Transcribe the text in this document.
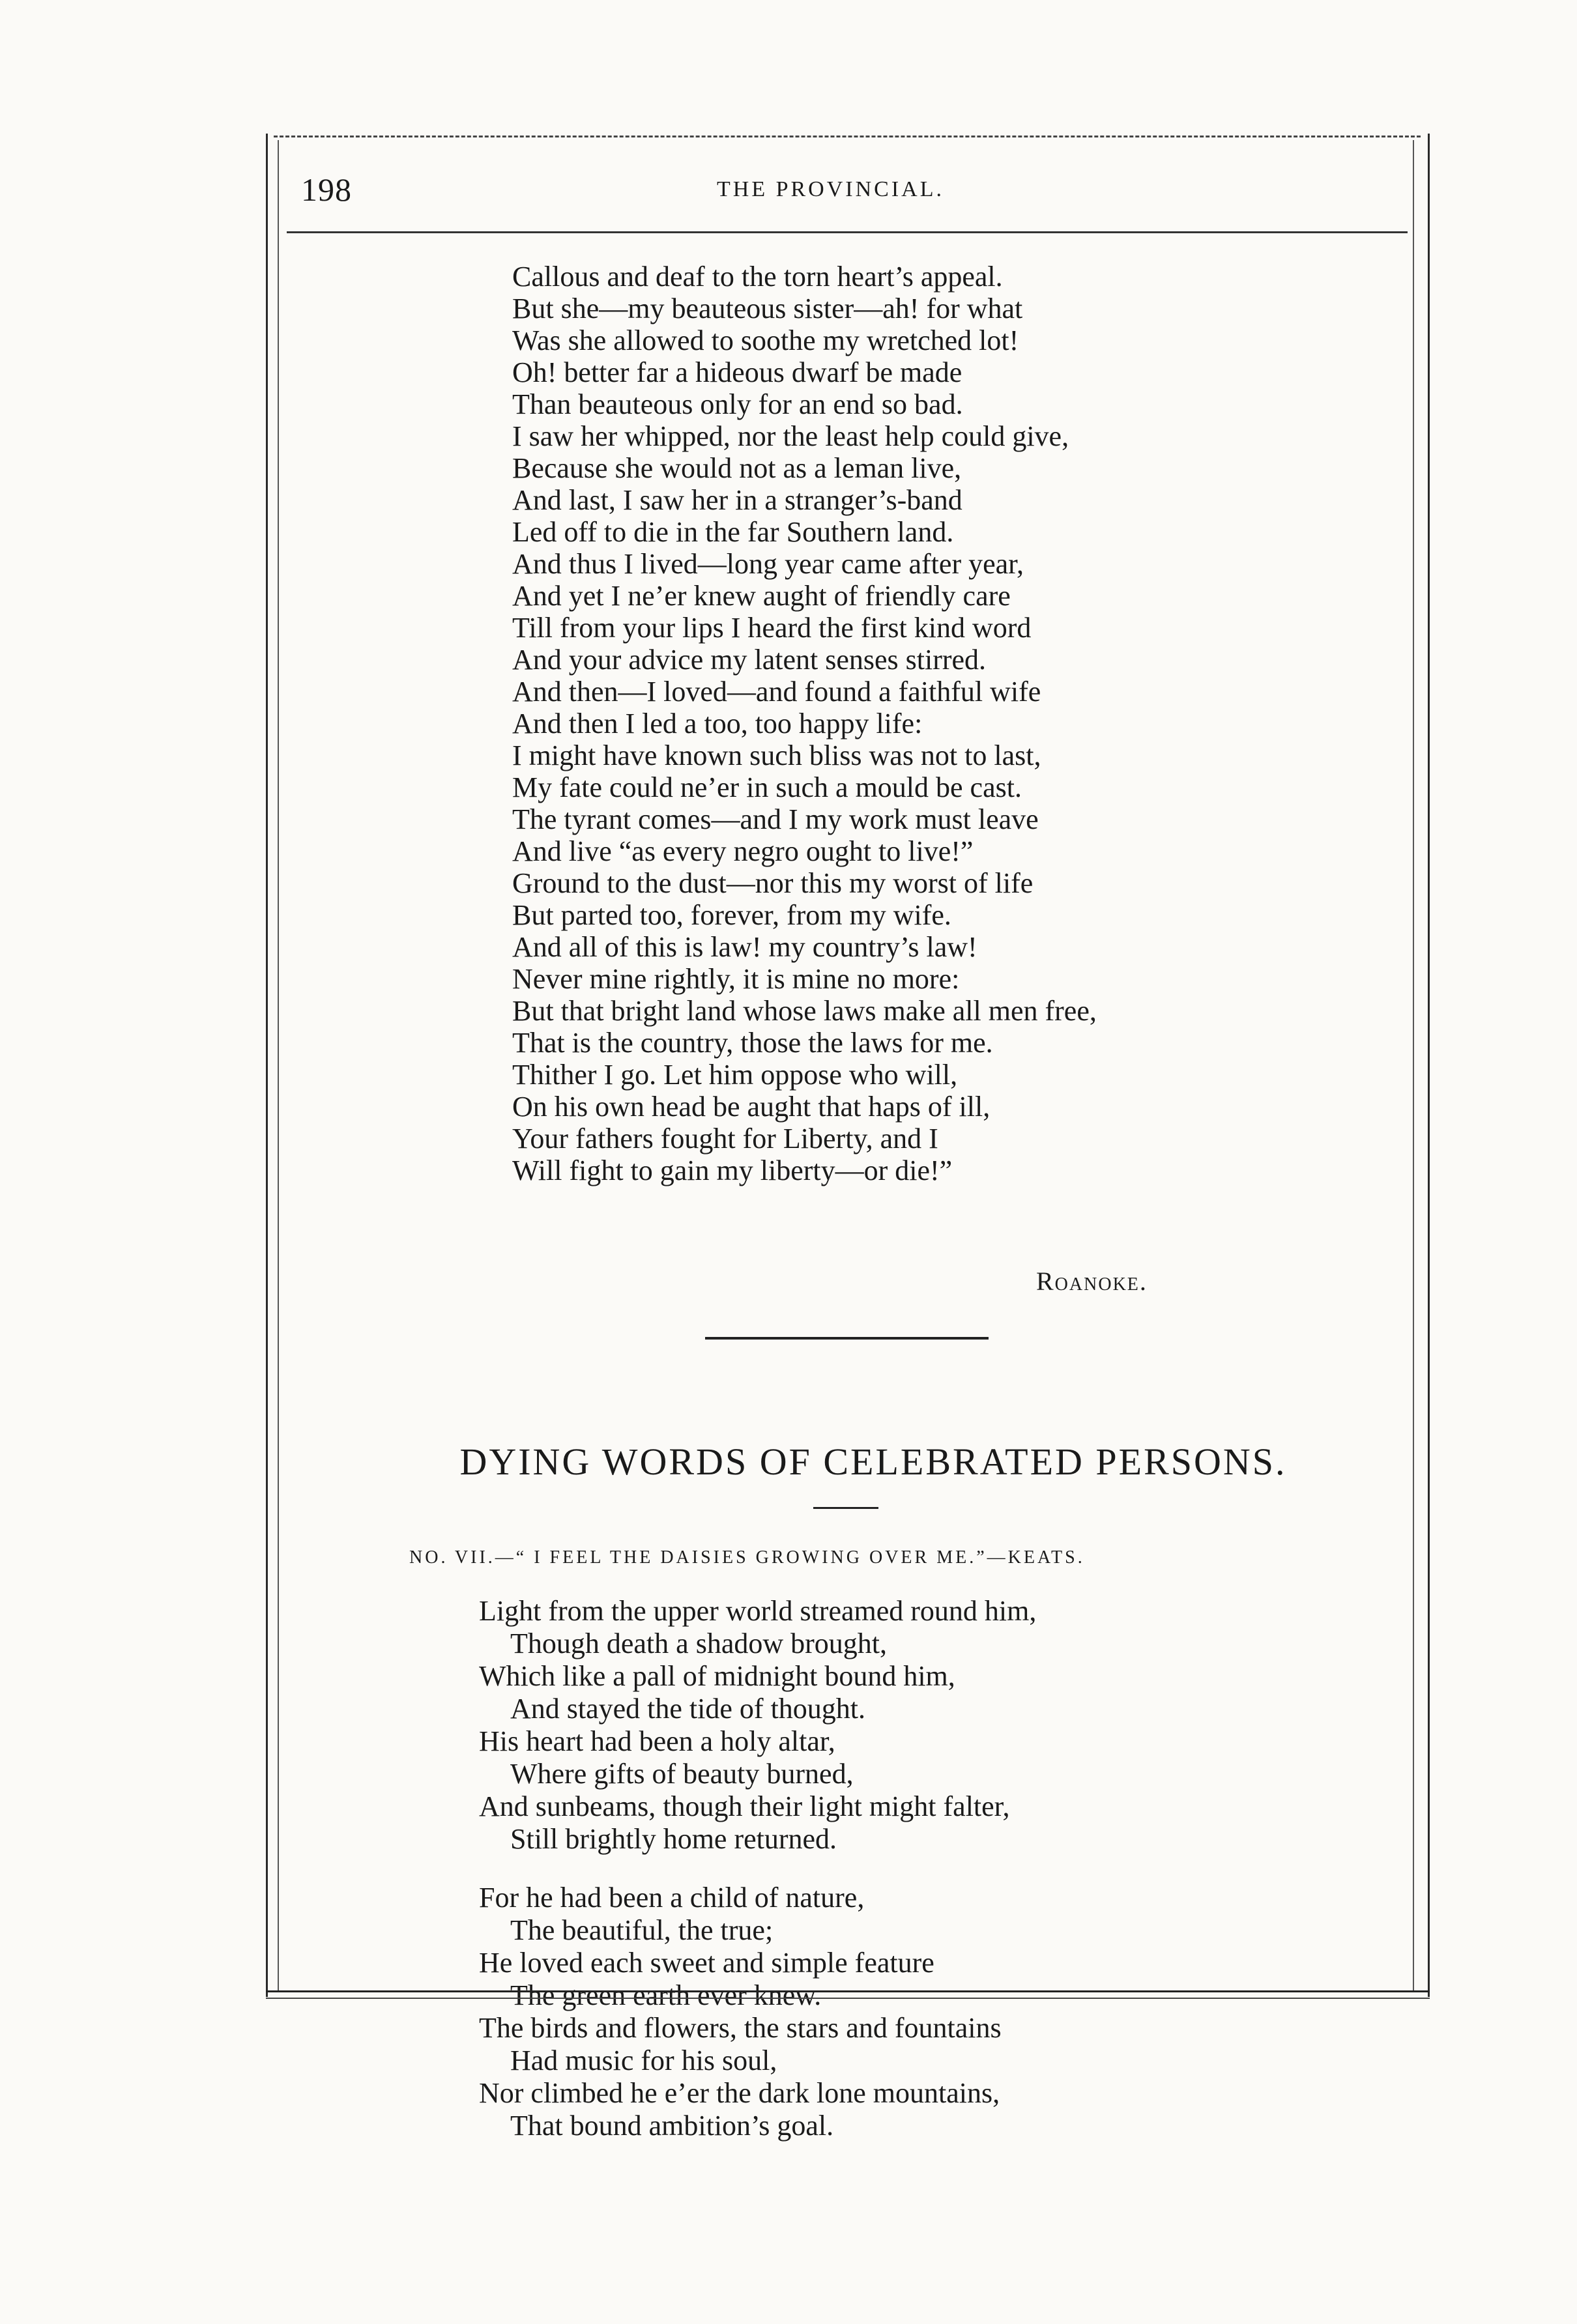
198	THE PROVINCIAL.
Callous and deaf to the torn heart’s appeal.
But she—my beauteous sister—ah! for what
Was she allowed to soothe my wretched lot!
Oh! better far a hideous dwarf be made
Than beauteous only for an end so bad.
I saw her whipped, nor the least help could give,
Because she would not as a leman live,
And last, I saw her in a stranger’s-band
Led off to die in the far Southern land.
And thus I lived—long year came after year,
And yet I ne’er knew aught of friendly care
Till from your lips I heard the first kind word
And your advice my latent senses stirred.
And then—I loved—and found a faithful wife
And then I led a too, too happy life:
I might have known such bliss was not to last,
My fate could ne’er in such a mould be cast.
The tyrant comes—and I my work must leave
And live “as every negro ought to live!”
Ground to the dust—nor this my worst of life
But parted too, forever, from my wife.
And all of this is law! my country’s law!
Never mine rightly, it is mine no more:
But that bright land whose laws make all men free,
That is the country, those the laws for me.
Thither I go. Let him oppose who will,
On his own head be aught that haps of ill,
Your fathers fought for Liberty, and I
Will fight to gain my liberty—or die!”
Roanoke.
DYING WORDS OF CELEBRATED PERSONS.
NO. VII.—“ I FEEL THE DAISIES GROWING OVER ME.”—KEATS.
Light from the upper world streamed round him,
Though death a shadow brought,
Which like a pall of midnight bound him,
And stayed the tide of thought.
His heart had been a holy altar,
Where gifts of beauty burned,
And sunbeams, though their light might falter,
Still brightly home returned.
For he had been a child of nature,
The beautiful, the true;
He loved each sweet and simple feature
The green earth ever knew.
The birds and flowers, the stars and fountains
Had music for his soul,
Nor climbed he e’er the dark lone mountains,
That bound ambition’s goal.
